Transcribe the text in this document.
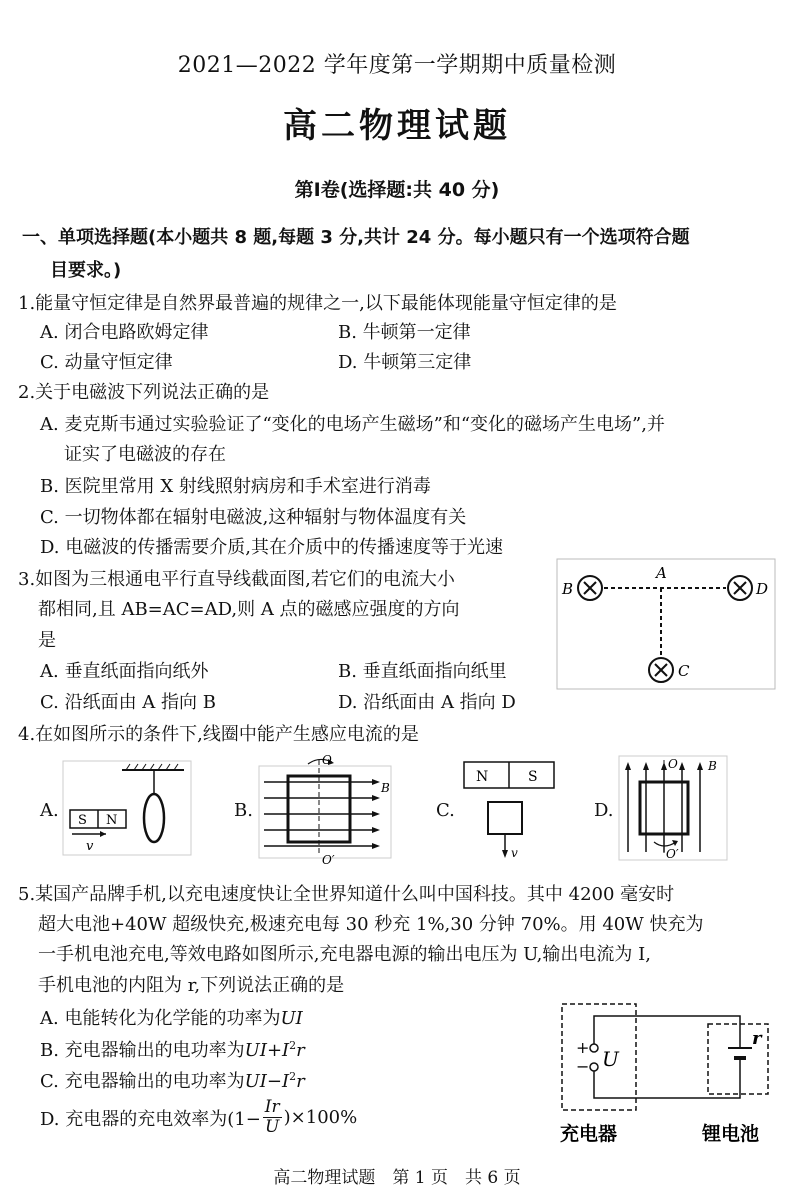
2021—2022 学年度第一学期期中质量检测
高二物理试题
第Ⅰ卷(选择题:共 40 分)
一、单项选择题(本小题共 8 题,每题 3 分,共计 24 分。每小题只有一个选项符合题
目要求。)
1.能量守恒定律是自然界最普遍的规律之一,以下最能体现能量守恒定律的是
A. 闭合电路欧姆定律	B. 牛顿第一定律
C. 动量守恒定律	D. 牛顿第三定律
2.关于电磁波下列说法正确的是
A. 麦克斯韦通过实验验证了“变化的电场产生磁场”和“变化的磁场产生电场”,并
证实了电磁波的存在
B. 医院里常用 X 射线照射病房和手术室进行消毒
C. 一切物体都在辐射电磁波,这种辐射与物体温度有关
D. 电磁波的传播需要介质,其在介质中的传播速度等于光速
3.如图为三根通电平行直导线截面图,若它们的电流大小
都相同,且 AB=AC=AD,则 A 点的磁感应强度的方向
是
A. 垂直纸面指向纸外	B. 垂直纸面指向纸里
C. 沿纸面由 A 指向 B	D. 沿纸面由 A 指向 D
B
A
D
C
4.在如图所示的条件下,线圈中能产生感应电流的是
A. S N
v
B.
O
O′
B
C.
N	S
v
D.
O
O′
B
5.某国产品牌手机,以充电速度快让全世界知道什么叫中国科技。其中 4200 毫安时
超大电池+40W 超级快充,极速充电每 30 秒充 1%,30 分钟 70%。用 40W 快充为
一手机电池充电,等效电路如图所示,充电器电源的输出电压为 U,输出电流为 I,
手机电池的内阻为 r,下列说法正确的是
A. 电能转化为化学能的功率为UI
B. 充电器输出的电功率为$UI+I^2r$
C. 充电器输出的电功率为$UI-I^2r$
D. 充电器的充电效率为$(1- \frac{Ir}{U} )\times 100\%$
+
− U
r
充电器	锂电池
高二物理试题　第 1 页　共 6 页
